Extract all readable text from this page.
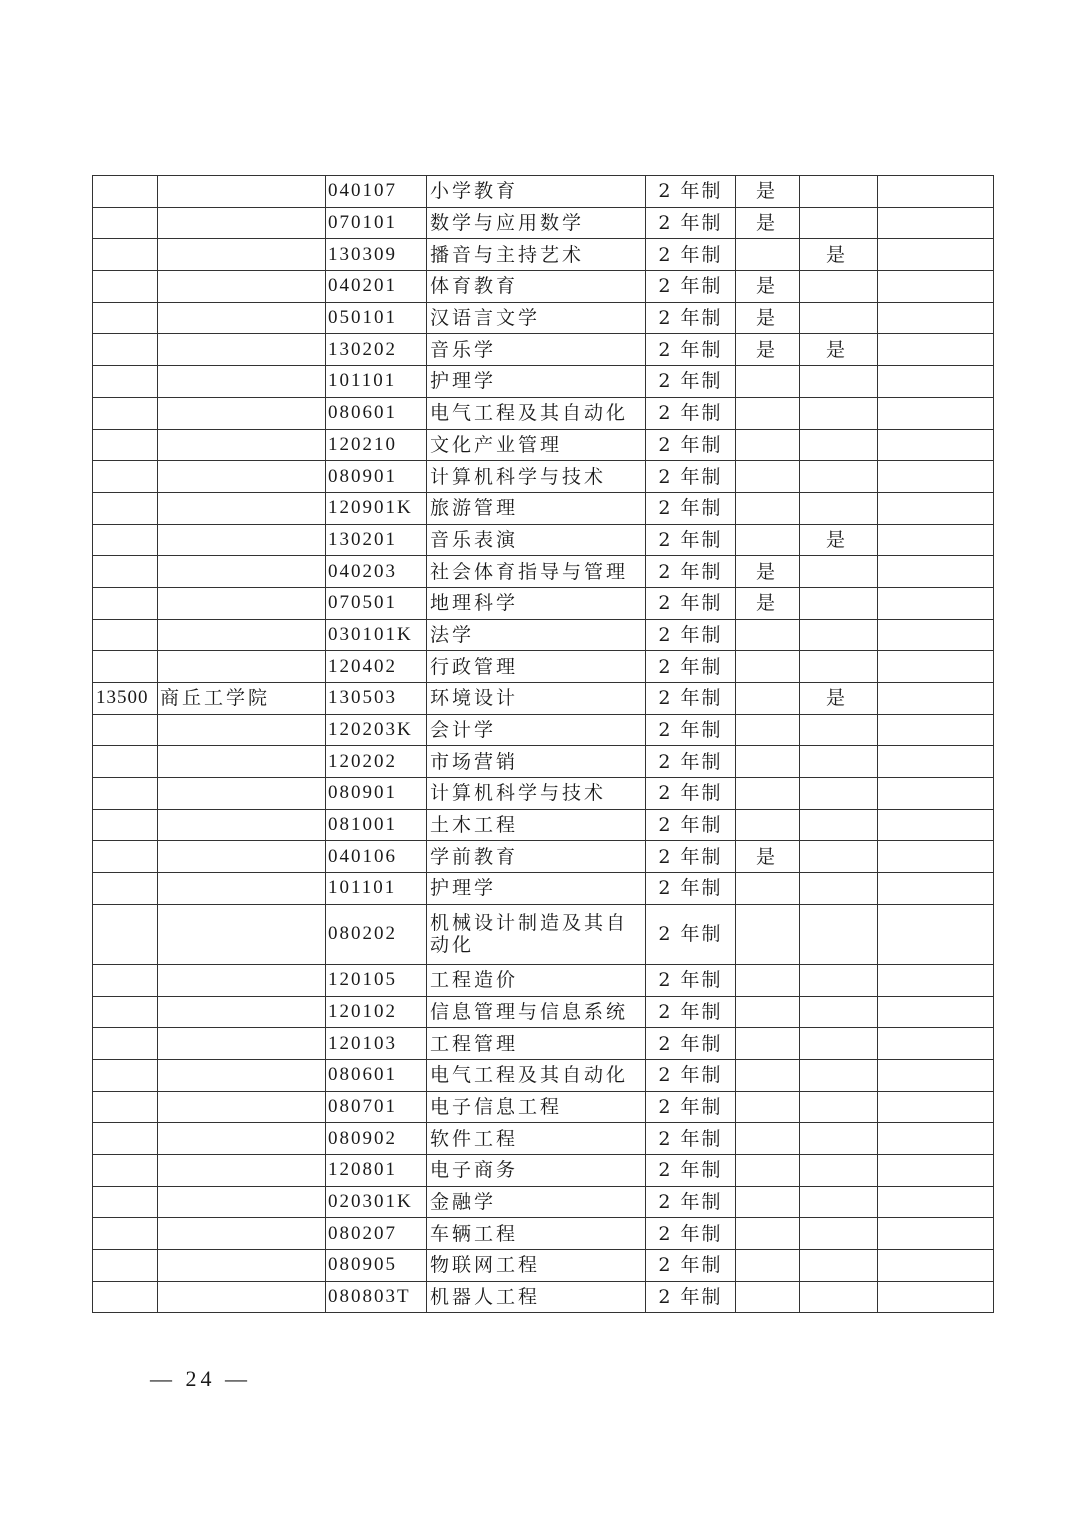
		040107	小学教育	2 年制	是		
		070101	数学与应用数学	2 年制	是		
		130309	播音与主持艺术	2 年制		是	
		040201	体育教育	2 年制	是		
		050101	汉语言文学	2 年制	是		
		130202	音乐学	2 年制	是	是	
		101101	护理学	2 年制			
		080601	电气工程及其自动化	2 年制			
		120210	文化产业管理	2 年制			
		080901	计算机科学与技术	2 年制			
		120901K	旅游管理	2 年制			
		130201	音乐表演	2 年制		是	
		040203	社会体育指导与管理	2 年制	是		
		070501	地理科学	2 年制	是		
		030101K	法学	2 年制			
		120402	行政管理	2 年制			
13500	商丘工学院	130503	环境设计	2 年制		是	
		120203K	会计学	2 年制			
		120202	市场营销	2 年制			
		080901	计算机科学与技术	2 年制			
		081001	土木工程	2 年制			
		040106	学前教育	2 年制	是		
		101101	护理学	2 年制			
		080202	机械设计制造及其自动化	2 年制			
		120105	工程造价	2 年制			
		120102	信息管理与信息系统	2 年制			
		120103	工程管理	2 年制			
		080601	电气工程及其自动化	2 年制			
		080701	电子信息工程	2 年制			
		080902	软件工程	2 年制			
		120801	电子商务	2 年制			
		020301K	金融学	2 年制			
		080207	车辆工程	2 年制			
		080905	物联网工程	2 年制			
		080803T	机器人工程	2 年制			
— 24 —
